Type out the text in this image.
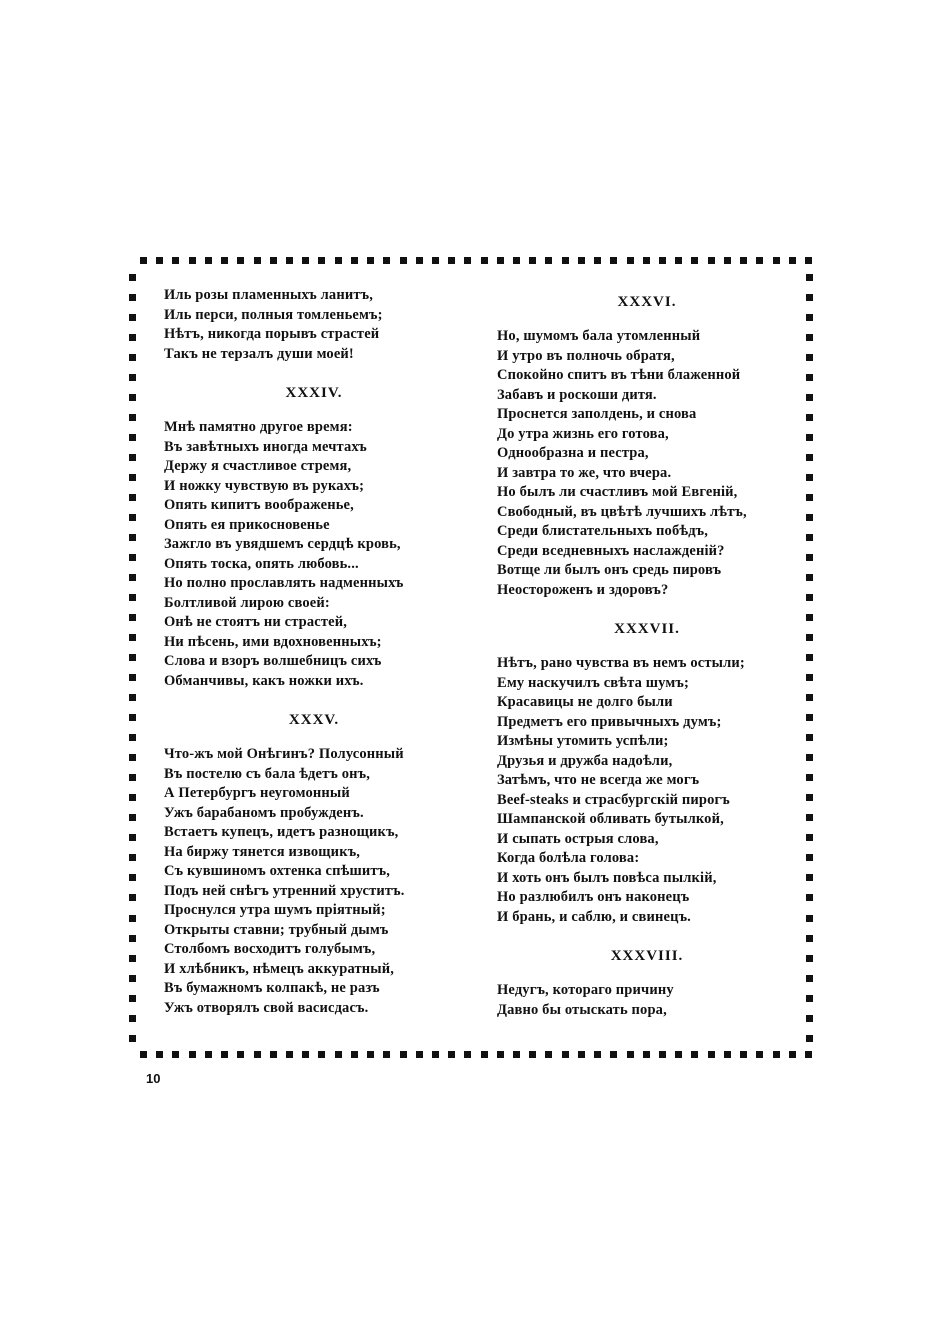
Иль розы пламенныхъ ланитъ,
Иль перси, полныя томленьемъ;
Нѣтъ, никогда порывъ страстей
Такъ не терзалъ души моей!
XXXIV.
Мнѣ памятно другое время:
Въ завѣтныхъ иногда мечтахъ
Держу я счастливое стремя,
И ножку чувствую въ рукахъ;
Опять кипитъ воображенье,
Опять ея прикосновенье
Зажгло въ увядшемъ сердцѣ кровь,
Опять тоска, опять любовь...
Но полно прославлять надменныхъ
Болтливой лирою своей:
Онѣ не стоятъ ни страстей,
Ни пѣсень, ими вдохновенныхъ;
Слова и взоръ волшебницъ сихъ
Обманчивы, какъ ножки ихъ.
XXXV.
Что-жъ мой Онѣгинъ? Полусонный
Въ постелю съ бала ѣдетъ онъ,
А Петербургъ неугомонный
Ужъ барабаномъ пробужденъ.
Встаетъ купецъ, идетъ разнощикъ,
На биржу тянется извощикъ,
Съ кувшиномъ охтенка спѣшитъ,
Подъ ней снѣгъ утренний хруститъ.
Проснулся утра шумъ прiятный;
Открыты ставни; трубный дымъ
Столбомъ восходитъ голубымъ,
И хлѣбникъ, нѣмецъ аккуратный,
Въ бумажномъ колпакѣ, не разъ
Ужъ отворялъ свой васисдасъ.
XXXVI.
Но, шумомъ бала утомленный
И утро въ полночь обратя,
Спокойно спитъ въ тѣни блаженной
Забавъ и роскоши дитя.
Проснется заполдень, и снова
До утра жизнь его готова,
Однообразна и пестра,
И завтра то же, что вчера.
Но былъ ли счастливъ мой Евгенiй,
Свободный, въ цвѣтѣ лучшихъ лѣтъ,
Среди блистательныхъ побѣдъ,
Среди вседневныхъ наслажденiй?
Вотще ли былъ онъ средь пировъ
Неостороженъ и здоровъ?
XXXVII.
Нѣтъ, рано чувства въ немъ остыли;
Ему наскучилъ свѣта шумъ;
Красавицы не долго были
Предметъ его привычныхъ думъ;
Измѣны утомить успѣли;
Друзья и дружба надоѣли,
Затѣмъ, что не всегда же могъ
Beef-steaks и страсбургскiй пирогъ
Шампанской обливать бутылкой,
И сыпать острыя слова,
Когда болѣла голова:
И хоть онъ былъ повѣса пылкiй,
Но разлюбилъ онъ наконецъ
И брань, и саблю, и свинецъ.
XXXVIII.
Недугъ, котораго причину
Давно бы отыскать пора,
10
